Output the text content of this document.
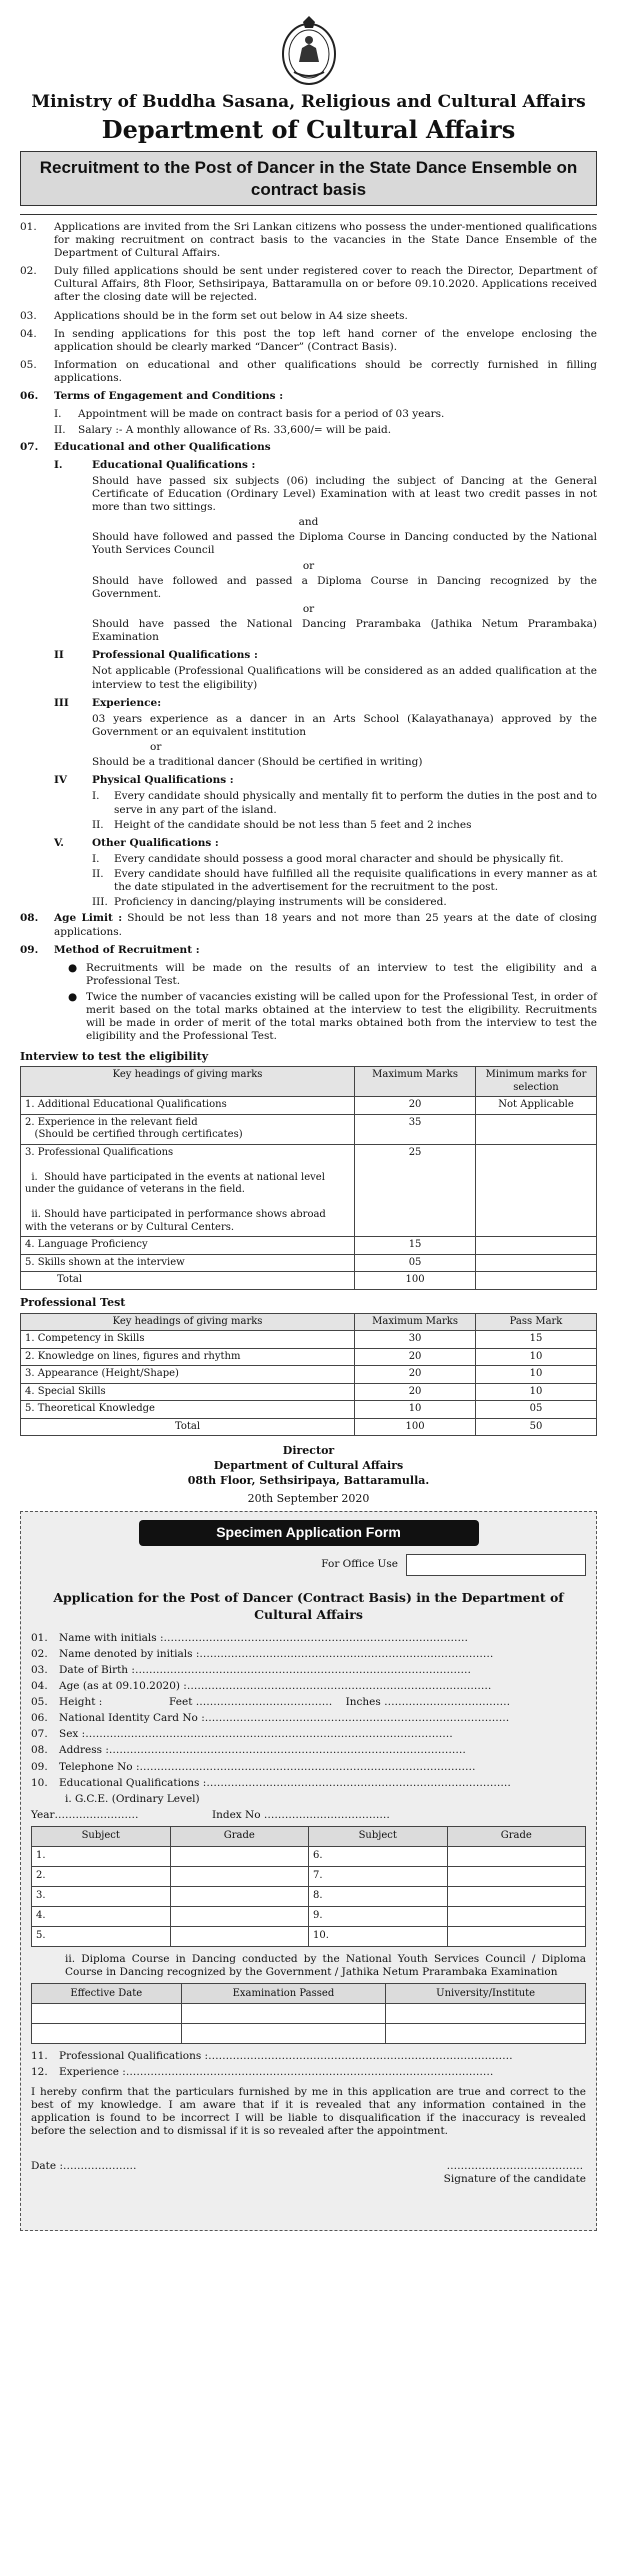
Ministry of Buddha Sasana, Religious and Cultural Affairs
Department of Cultural Affairs
Recruitment to the Post of Dancer in the State Dance Ensemble on contract basis
01.	Applications are invited from the Sri Lankan citizens who possess the under-mentioned qualifications for making recruitment on contract basis to the vacancies in the State Dance Ensemble of the Department of Cultural Affairs.
02.	Duly filled applications should be sent under registered cover to reach the Director, Department of Cultural Affairs, 8th Floor, Sethsiripaya, Battaramulla on or before 09.10.2020. Applications received after the closing date will be rejected.
03.	Applications should be in the form set out below in A4 size sheets.
04.	In sending applications for this post the top left hand corner of the envelope enclosing the application should be clearly marked “Dancer” (Contract Basis).
05.	Information on educational and other qualifications should be correctly furnished in filling applications.
06.	Terms of Engagement and Conditions :
I.	Appointment will be made on contract basis for a period of 03 years.
II.	Salary :- A monthly allowance of Rs. 33,600/= will be paid.
07.	Educational and other Qualifications
I.	Educational Qualifications :
Should have passed six subjects (06) including the subject of Dancing at the General Certificate of Education (Ordinary Level) Examination with at least two credit passes in not more than two sittings.
and
Should have followed and passed the Diploma Course in Dancing conducted by the National Youth Services Council
or
Should have followed and passed a Diploma Course in Dancing recognized by the Government.
or
Should have passed the National Dancing Prarambaka (Jathika Netum Prarambaka) Examination
II	Professional Qualifications :
Not applicable (Professional Qualifications will be considered as an added qualification at the interview to test the eligibility)
III	Experience:
03 years experience as a dancer in an Arts School (Kalayathanaya) approved by the Government or an equivalent institution
or
Should be a traditional dancer (Should be certified in writing)
IV	Physical Qualifications :
I.	Every candidate should physically and mentally fit to perform the duties in the post and to serve in any part of the island.
II. Height of the candidate should be not less than 5 feet and 2 inches
V.	Other Qualifications :
I.	Every candidate should possess a good moral character and should be physically fit.
II. Every candidate should have fulfilled all the requisite qualifications in every manner as at the date stipulated in the advertisement for the recruitment to the post.
III. Proficiency in dancing/playing instruments will be considered.
08.	Age Limit : Should be not less than 18 years and not more than 25 years at the date of closing applications.
09.	Method of Recruitment :
● Recruitments will be made on the results of an interview to test the eligibility and a Professional Test.
● Twice the number of vacancies existing will be called upon for the Professional Test, in order of merit based on the total marks obtained at the interview to test the eligibility. Recruitments will be made in order of merit of the total marks obtained both from the interview to test the eligibility and the Professional Test.
Interview to test the eligibility
Key headings of giving marks	Maximum Marks	Minimum marks for selection
1. Additional Educational Qualifications	20	Not Applicable
2. Experience in the relevant field
(Should be certified through certificates)	35	
3. Professional Qualifications

i.  Should have participated in the events at national level under the guidance of veterans in the field.

ii. Should have participated in performance shows abroad with the veterans or by Cultural Centers.	25	
4. Language Proficiency	15	
5. Skills shown at the interview	05	
Total	100	
Professional Test
Key headings of giving marks	Maximum Marks	Pass Mark
1. Competency in Skills	30	15
2. Knowledge on lines, figures and rhythm	20	10
3. Appearance (Height/Shape)	20	10
4. Special Skills	20	10
5. Theoretical Knowledge	10	05
Total	100	50
Director
Department of Cultural Affairs
08th Floor, Sethsiripaya, Battaramulla.
20th September 2020
Specimen Application Form
For Office Use
Application for the Post of Dancer (Contract Basis) in the Department of Cultural Affairs
01.	Name with initials :……………………………………………………………………………
02.	Name denoted by initials :…………………………………………………………………………
03.	Date of Birth :……………………………………………………………………………………
04.	Age (as at 09.10.2020) :……………………………………………………………………………
05.	Height :                    Feet …………………………………    Inches ………………………………
06.	National Identity Card No :……………………………………………………………………………
07.	Sex :……………………………………………………………………………………………
08.	Address :…………………………………………………………………………………………
09.	Telephone No :……………………………………………………………………………………
10.	Educational Qualifications :……………………………………………………………………………
i. G.C.E. (Ordinary Level)
Year……………………                      Index No ………………………………
Subject	Grade	Subject	Grade
1.		6.	
2.		7.	
3.		8.	
4.		9.	
5.		10.	
ii. Diploma Course in Dancing conducted by the National Youth Services Council / Diploma Course in Dancing recognized by the Government / Jathika Netum Prarambaka Examination
Effective Date	Examination Passed	University/Institute

11.	Professional Qualifications :……………………………………………………………………………
12.	Experience :……………………………………………………………………………………………
I hereby confirm that the particulars furnished by me in this application are true and correct to the best of my knowledge. I am aware that if it is revealed that any information contained in the application is found to be incorrect I will be liable to disqualification if the inaccuracy is revealed before the selection and to dismissal if it is so revealed after the appointment.
Date :…………………	…………………………………
Signature of the candidate
